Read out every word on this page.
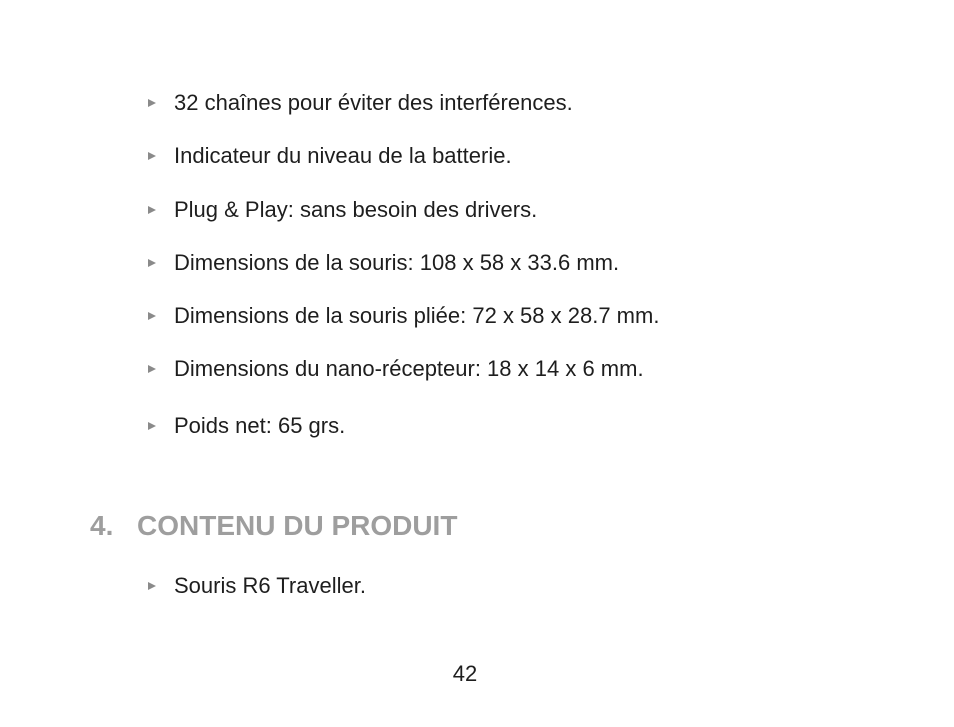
32 chaînes pour éviter des interférences.
Indicateur du niveau de la batterie.
Plug & Play: sans besoin des drivers.
Dimensions de la souris: 108 x 58 x 33.6 mm.
Dimensions de la souris pliée: 72 x 58 x 28.7 mm.
Dimensions du nano-récepteur: 18 x 14 x 6 mm.
Poids net: 65 grs.
4. CONTENU DU PRODUIT
Souris R6 Traveller.
42
